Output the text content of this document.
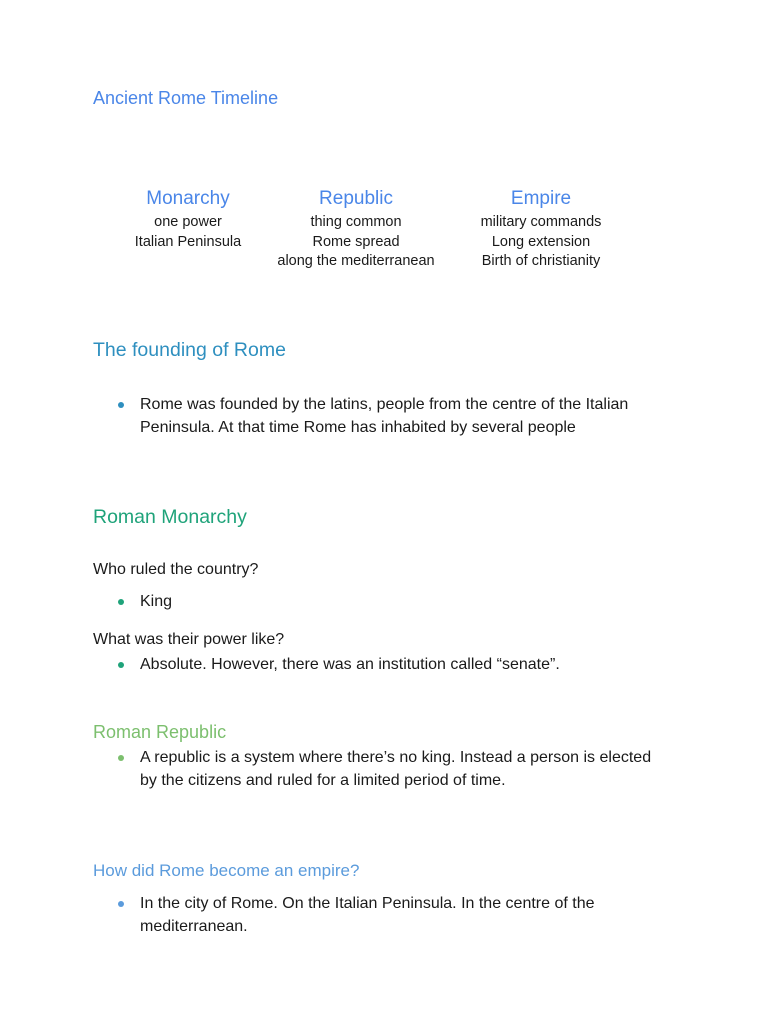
Ancient Rome Timeline
Monarchy
one power
Italian Peninsula
Republic
thing common
Rome spread
along the mediterranean
Empire
military commands
Long extension
Birth of christianity
The founding of Rome
Rome was founded by the latins, people from the centre of the Italian Peninsula. At that time Rome has inhabited by several people
Roman Monarchy
Who ruled the country?
King
What was their power like?
Absolute. However, there was an institution called “senate”.
Roman Republic
A republic is a system where there’s no king. Instead a person is elected by the citizens and ruled for a limited period of time.
How did Rome become an empire?
In the city of Rome. On the Italian Peninsula. In the centre of the mediterranean.
